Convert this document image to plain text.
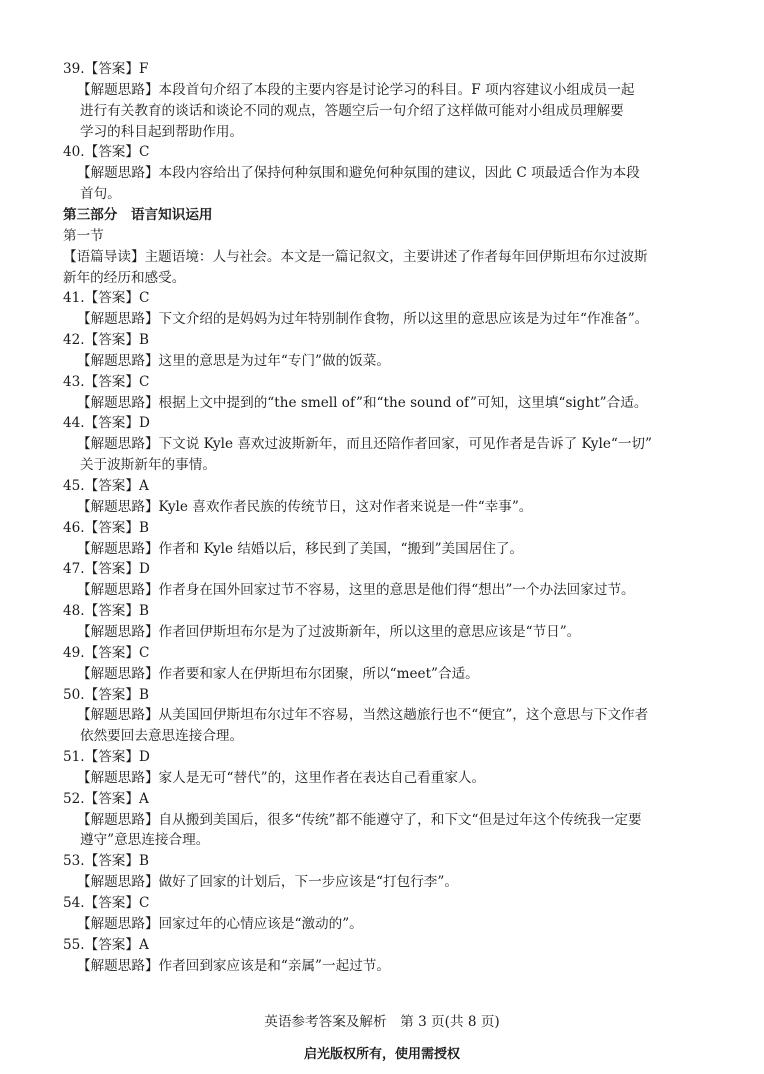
39.【答案】F
【解题思路】本段首句介绍了本段的主要内容是讨论学习的科目。F 项内容建议小组成员一起
进行有关教育的谈话和谈论不同的观点，答题空后一句介绍了这样做可能对小组成员理解要
学习的科目起到帮助作用。
40.【答案】C
【解题思路】本段内容给出了保持何种氛围和避免何种氛围的建议，因此 C 项最适合作为本段
首句。
第三部分　语言知识运用
第一节
【语篇导读】主题语境：人与社会。本文是一篇记叙文，主要讲述了作者每年回伊斯坦布尔过波斯
新年的经历和感受。
41.【答案】C
【解题思路】下文介绍的是妈妈为过年特别制作食物，所以这里的意思应该是为过年“作准备”。
42.【答案】B
【解题思路】这里的意思是为过年“专门”做的饭菜。
43.【答案】C
【解题思路】根据上文中提到的“the smell of”和“the sound of”可知，这里填“sight”合适。
44.【答案】D
【解题思路】下文说 Kyle 喜欢过波斯新年，而且还陪作者回家，可见作者是告诉了 Kyle“一切”
关于波斯新年的事情。
45.【答案】A
【解题思路】Kyle 喜欢作者民族的传统节日，这对作者来说是一件“幸事”。
46.【答案】B
【解题思路】作者和 Kyle 结婚以后，移民到了美国，“搬到”美国居住了。
47.【答案】D
【解题思路】作者身在国外回家过节不容易，这里的意思是他们得“想出”一个办法回家过节。
48.【答案】B
【解题思路】作者回伊斯坦布尔是为了过波斯新年，所以这里的意思应该是“节日”。
49.【答案】C
【解题思路】作者要和家人在伊斯坦布尔团聚，所以“meet”合适。
50.【答案】B
【解题思路】从美国回伊斯坦布尔过年不容易，当然这趟旅行也不“便宜”，这个意思与下文作者
依然要回去意思连接合理。
51.【答案】D
【解题思路】家人是无可“替代”的，这里作者在表达自己看重家人。
52.【答案】A
【解题思路】自从搬到美国后，很多“传统”都不能遵守了，和下文“但是过年这个传统我一定要
遵守”意思连接合理。
53.【答案】B
【解题思路】做好了回家的计划后，下一步应该是“打包行李”。
54.【答案】C
【解题思路】回家过年的心情应该是“激动的”。
55.【答案】A
【解题思路】作者回到家应该是和“亲属”一起过节。
英语参考答案及解析　第 3 页(共 8 页)
启光版权所有，使用需授权
